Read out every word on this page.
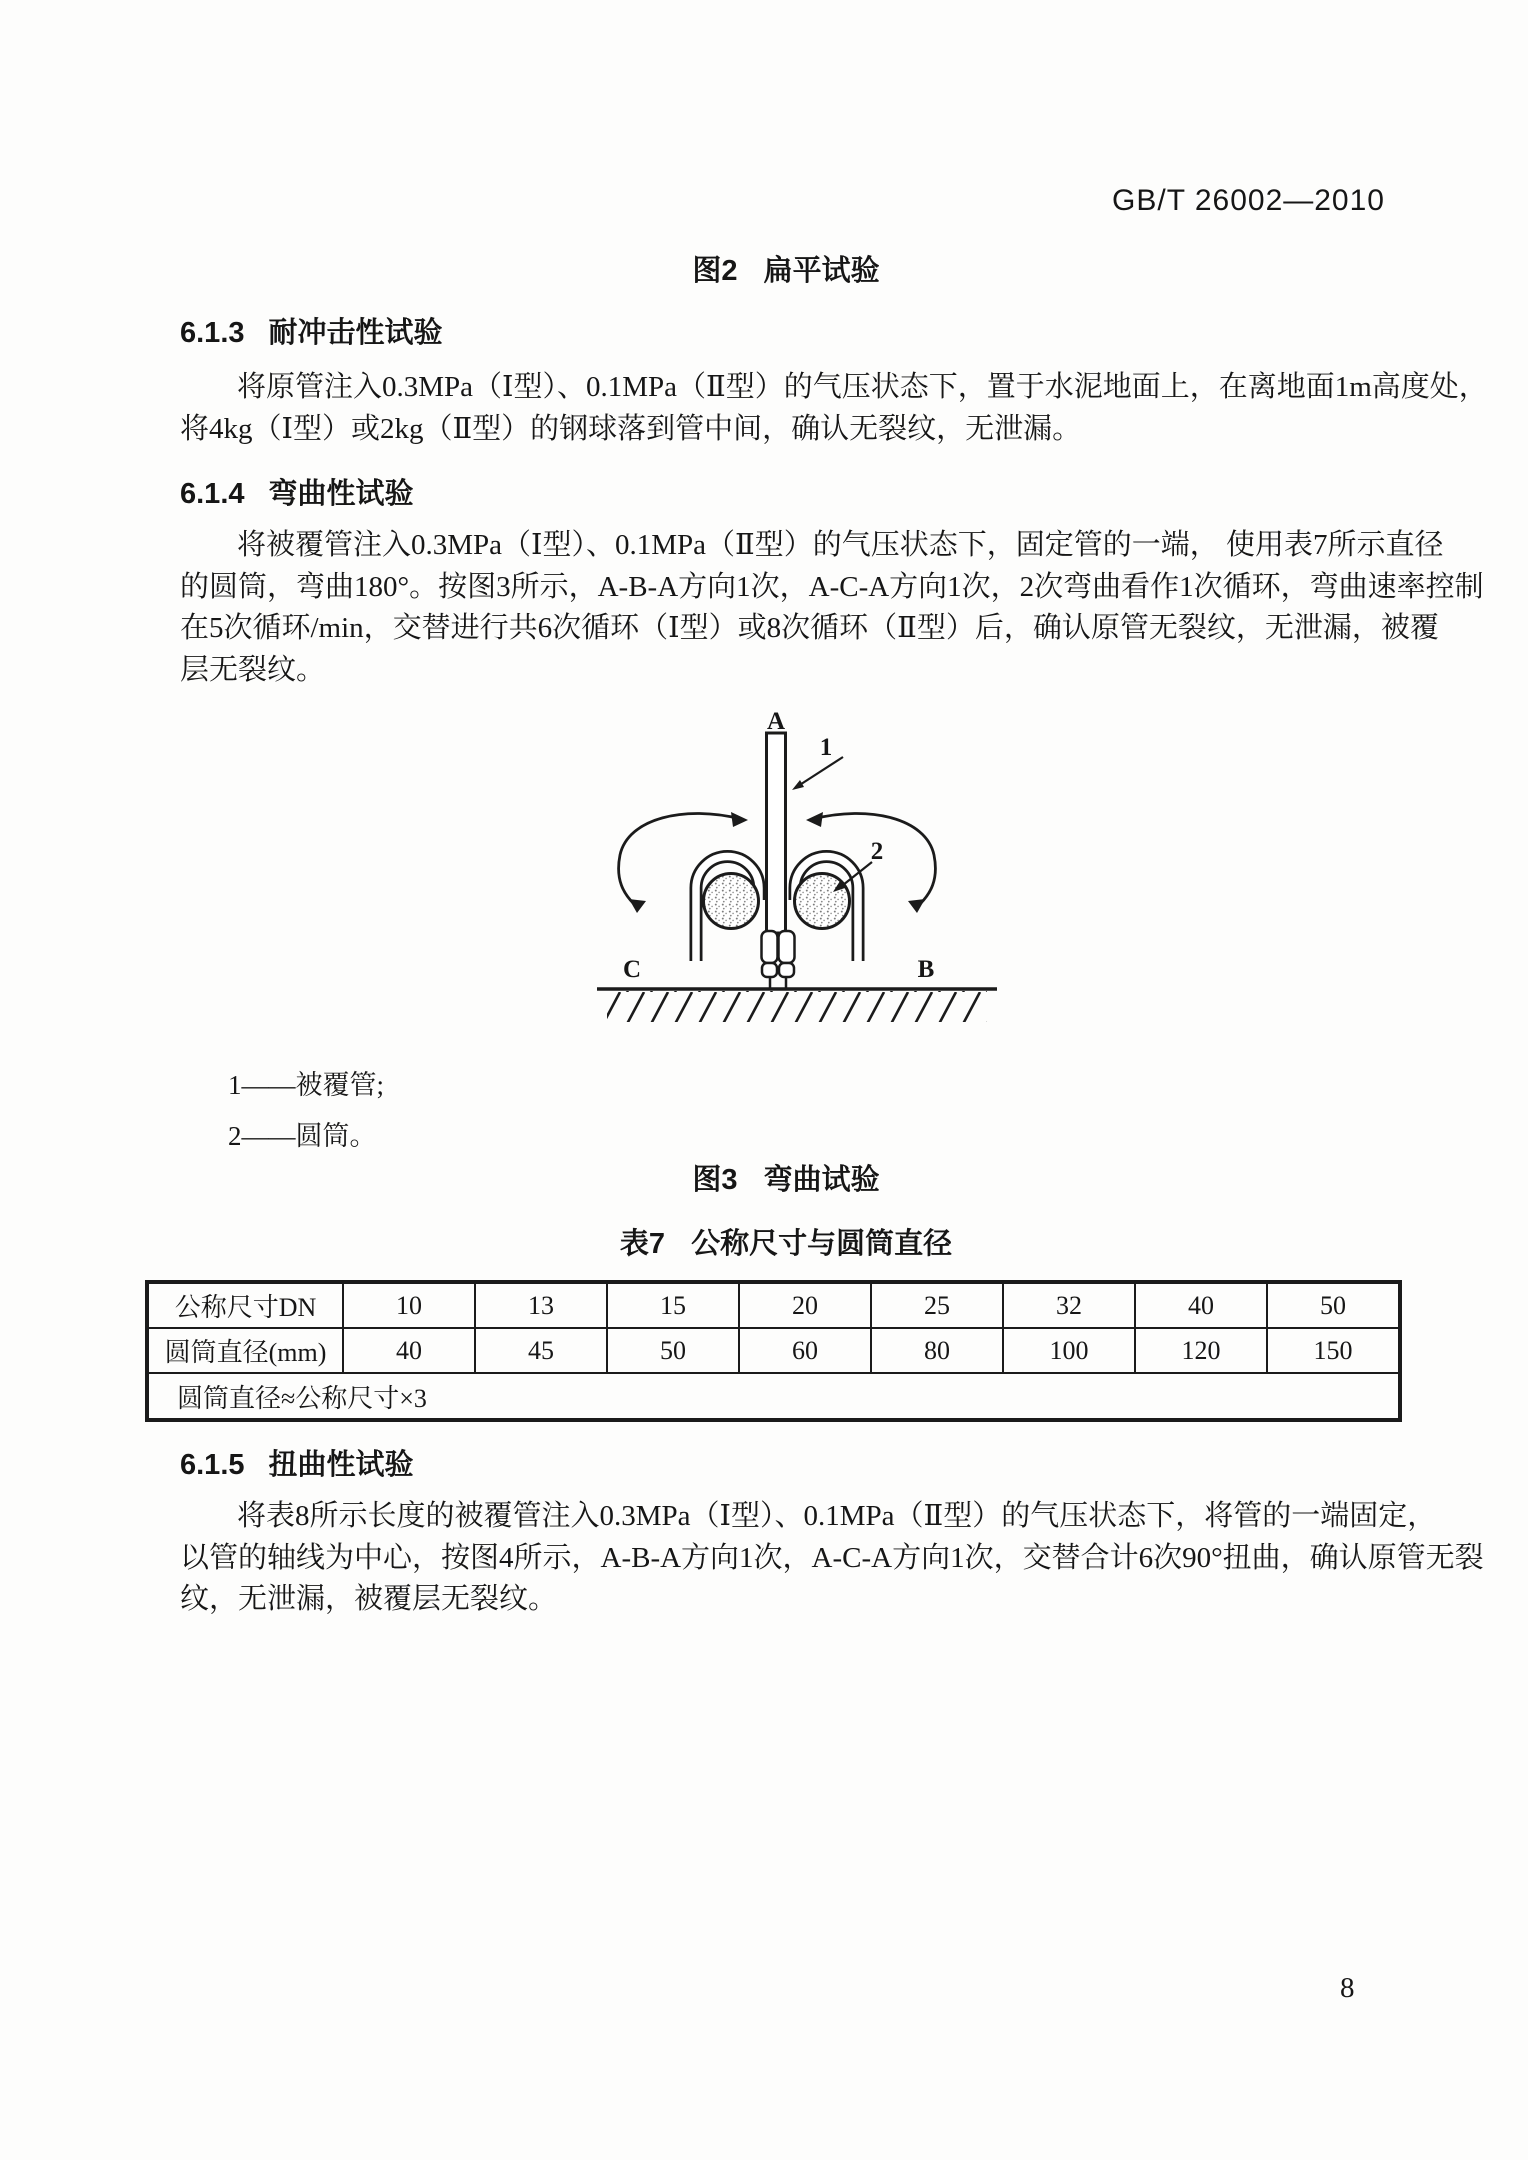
GB/T 26002—2010
图2 扁平试验
6.1.3 耐冲击性试验
将原管注入0.3MPa（Ⅰ型）、0.1MPa（Ⅱ型）的气压状态下，置于水泥地面上，在离地面1m高度处，
将4kg（Ⅰ型）或2kg（Ⅱ型）的钢球落到管中间，确认无裂纹，无泄漏。
6.1.4 弯曲性试验
将被覆管注入0.3MPa（Ⅰ型）、0.1MPa（Ⅱ型）的气压状态下，固定管的一端， 使用表7所示直径
的圆筒，弯曲180°。按图3所示，A-B-A方向1次，A-C-A方向1次，2次弯曲看作1次循环，弯曲速率控制
在5次循环/min，交替进行共6次循环（Ⅰ型）或8次循环（Ⅱ型）后，确认原管无裂纹，无泄漏，被覆
层无裂纹。
A
C	B
1
2
1——被覆管;
2——圆筒。
图3 弯曲试验
表7 公称尺寸与圆筒直径
公称尺寸DN	10	13	15	20	25	32	40	50
圆筒直径(mm)	40	45	50	60	80	100	120	150
圆筒直径≈公称尺寸×3								
6.1.5 扭曲性试验
将表8所示长度的被覆管注入0.3MPa（Ⅰ型）、0.1MPa（Ⅱ型）的气压状态下，将管的一端固定，
以管的轴线为中心，按图4所示，A-B-A方向1次，A-C-A方向1次，交替合计6次90°扭曲，确认原管无裂
纹，无泄漏，被覆层无裂纹。
8
